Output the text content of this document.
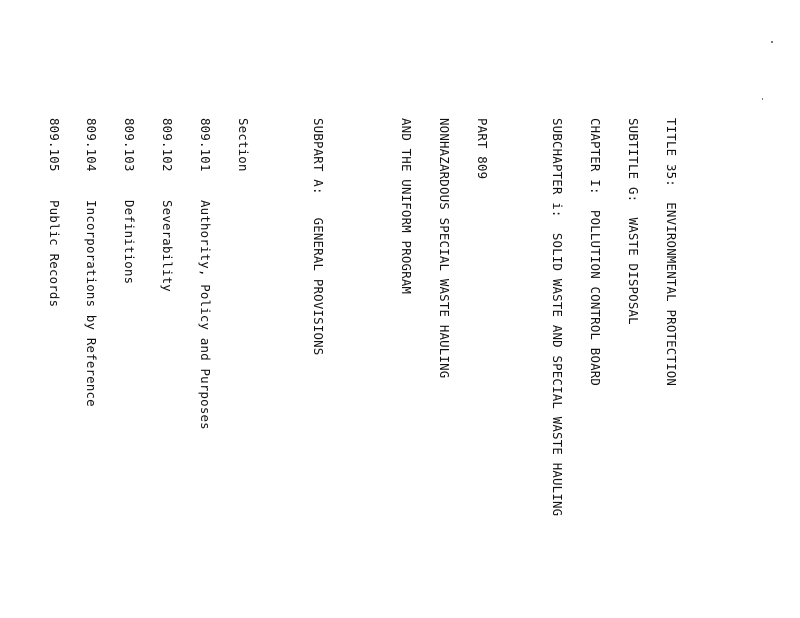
TITLE 35:  ENVIRONMENTAL PROTECTION

SUBTITLE G:  WASTE DISPOSAL

CHAPTER I:  POLLUTION CONTROL BOARD

SUBCHAPTER i:  SOLID WASTE AND SPECIAL WASTE HAULING

PART 809

NONHAZARDOUS SPECIAL WASTE HAULING

AND THE UNIFORM PROGRAM

SUBPART A:   GENERAL PROVISIONS

Section

809.101Authority, Policy and Purposes

809.102Severability

809.103Definitions

809.104Incorporations by Reference

809.105Public Records
